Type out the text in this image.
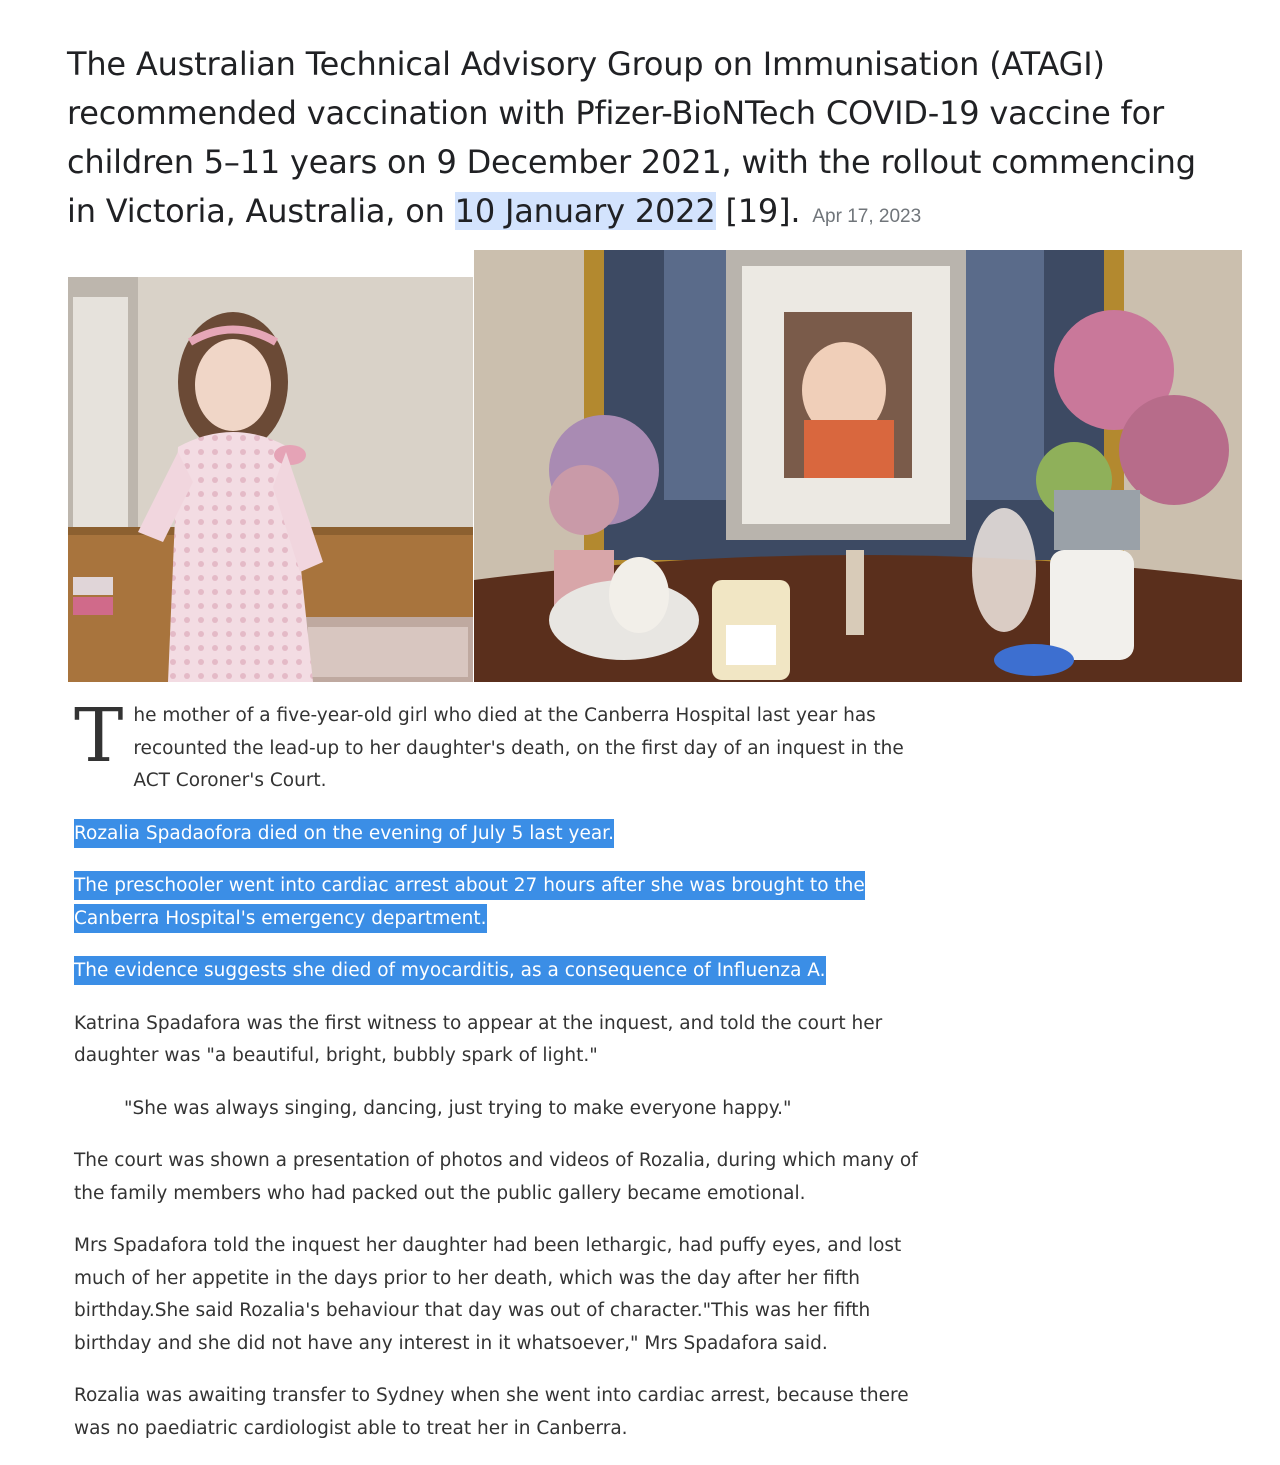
The Australian Technical Advisory Group on Immunisation (ATAGI) recommended vaccination with Pfizer-BioNTech COVID-19 vaccine for children 5–11 years on 9 December 2021, with the rollout commencing in Victoria, Australia, on 10 January 2022 [19]. Apr 17, 2023

The mother of a five-year-old girl who died at the Canberra Hospital last year has recounted the lead-up to her daughter's death, on the first day of an inquest in the ACT Coroner's Court.

Rozalia Spadaofora died on the evening of July 5 last year.

The preschooler went into cardiac arrest about 27 hours after she was brought to the Canberra Hospital's emergency department.

The evidence suggests she died of myocarditis, as a consequence of Influenza A.

Katrina Spadafora was the first witness to appear at the inquest, and told the court her daughter was "a beautiful, bright, bubbly spark of light."

"She was always singing, dancing, just trying to make everyone happy."

The court was shown a presentation of photos and videos of Rozalia, during which many of the family members who had packed out the public gallery became emotional.

Mrs Spadafora told the inquest her daughter had been lethargic, had puffy eyes, and lost much of her appetite in the days prior to her death, which was the day after her fifth birthday.She said Rozalia's behaviour that day was out of character."This was her fifth birthday and she did not have any interest in it whatsoever," Mrs Spadafora said.

Rozalia was awaiting transfer to Sydney when she went into cardiac arrest, because there was no paediatric cardiologist able to treat her in Canberra.
